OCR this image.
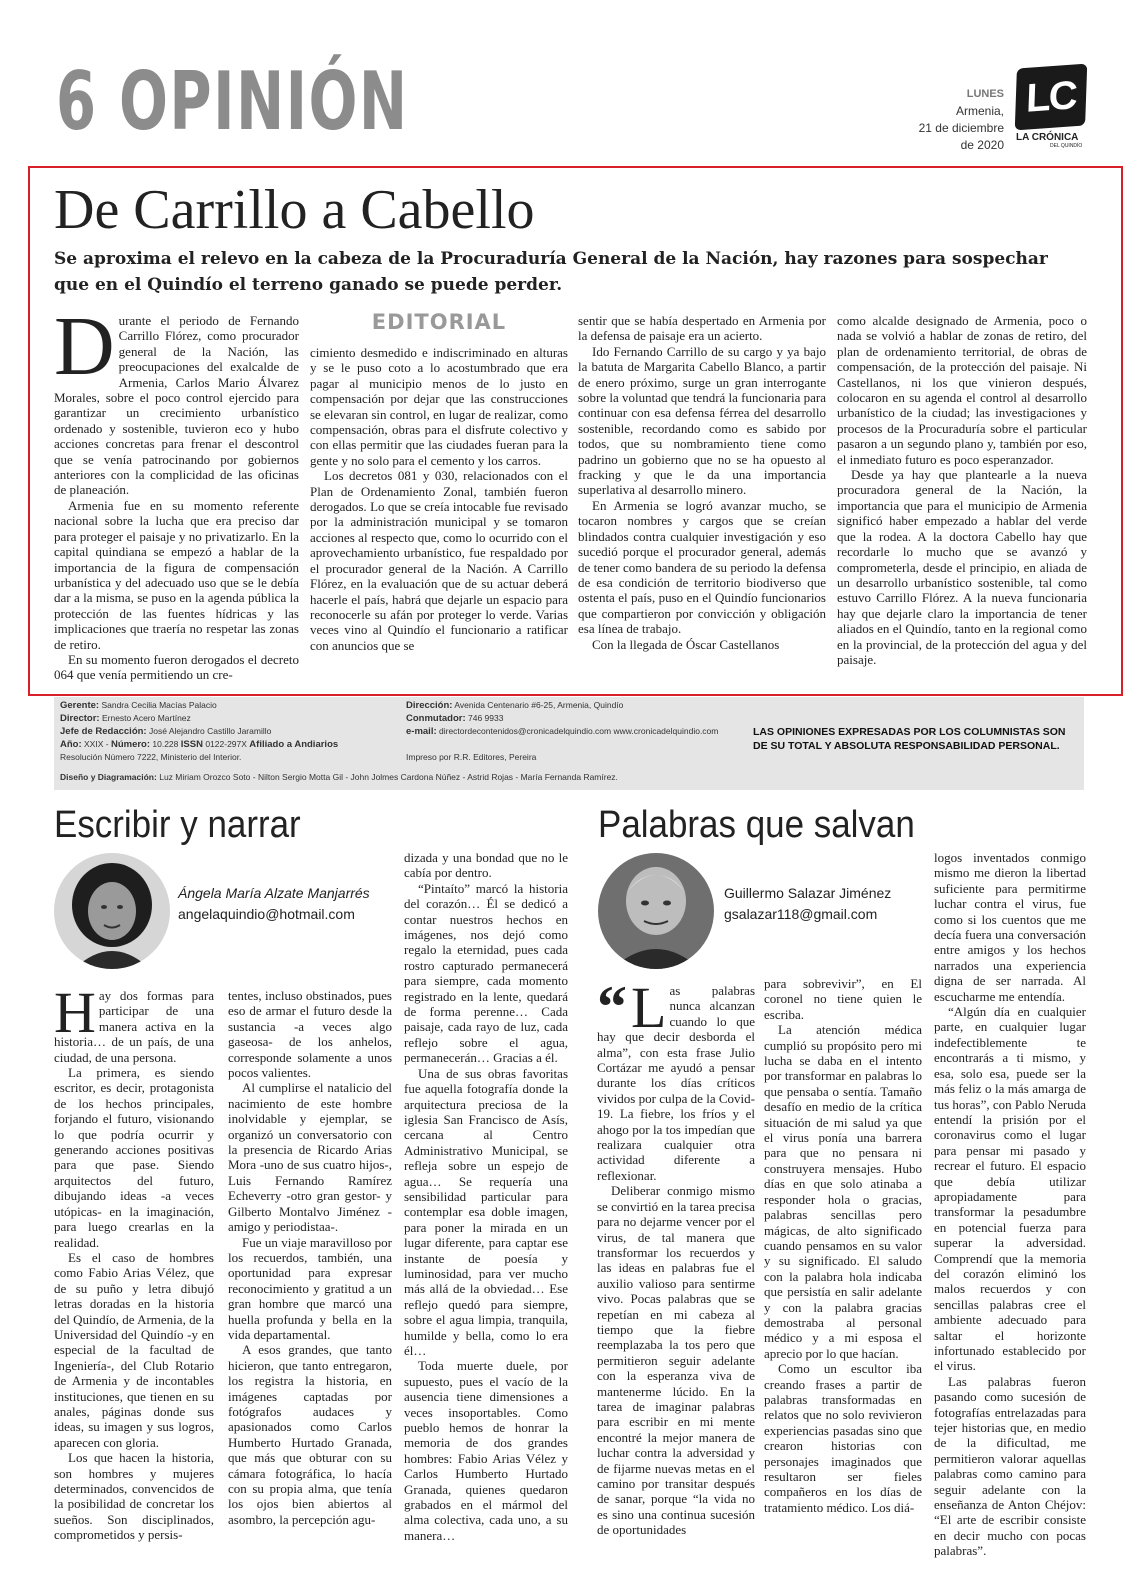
6 OPINIÓN	LUNES
Armenia,
21 de diciembre
de 2020
LC
LA CRÓNICA
DEL QUINDÍO
De Carrillo a Cabello
Se aproxima el relevo en la cabeza de la Procuraduría General de la Nación, hay razones para sospechar que en el Quindío el terreno ganado se puede perder.
EDITORIAL
D urante el periodo de Fernando Carrillo Flórez, como procurador general de la Nación, las preocupaciones del exalcalde de Armenia, Carlos Mario Álvarez Morales, sobre el poco control ejercido para garantizar un crecimiento urbanístico ordenado y sostenible, tuvieron eco y hubo acciones concretas para frenar el descontrol que se venía patrocinando por gobiernos anteriores con la complicidad de las oficinas de planeación.

Armenia fue en su momento referente nacional sobre la lucha que era preciso dar para proteger el paisaje y no privatizarlo. En la capital quindiana se empezó a hablar de la importancia de la figura de compensación urbanística y del adecuado uso que se le debía dar a la misma, se puso en la agenda pública la protección de las fuentes hídricas y las implicaciones que traería no respetar las zonas de retiro.

En su momento fueron derogados el decreto 064 que venía permitiendo un cre-

cimiento desmedido e indiscriminado en alturas y se le puso coto a lo acostumbrado que era pagar al municipio menos de lo justo en compensación por dejar que las construcciones se elevaran sin control, en lugar de realizar, como compensación, obras para el disfrute colectivo y con ellas permitir que las ciudades fueran para la gente y no solo para el cemento y los carros.

Los decretos 081 y 030, relacionados con el Plan de Ordenamiento Zonal, también fueron derogados. Lo que se creía intocable fue revisado por la administración municipal y se tomaron acciones al respecto que, como lo ocurrido con el aprovechamiento urbanístico, fue respaldado por el procurador general de la Nación. A Carrillo Flórez, en la evaluación que de su actuar deberá hacerle el país, habrá que dejarle un espacio para reconocerle su afán por proteger lo verde. Varias veces vino al Quindío el funcionario a ratificar con anuncios que se

sentir que se había despertado en Armenia por la defensa de paisaje era un acierto.

Ido Fernando Carrillo de su cargo y ya bajo la batuta de Margarita Cabello Blanco, a partir de enero próximo, surge un gran interrogante sobre la voluntad que tendrá la funcionaria para continuar con esa defensa férrea del desarrollo sostenible, recordando como es sabido por todos, que su nombramiento tiene como padrino un gobierno que no se ha opuesto al fracking y que le da una importancia superlativa al desarrollo minero.

En Armenia se logró avanzar mucho, se tocaron nombres y cargos que se creían blindados contra cualquier investigación y eso sucedió porque el procurador general, además de tener como bandera de su periodo la defensa de esa condición de territorio biodiverso que ostenta el país, puso en el Quindío funcionarios que compartieron por convicción y obligación esa línea de trabajo.

Con la llegada de Óscar Castellanos

como alcalde designado de Armenia, poco o nada se volvió a hablar de zonas de retiro, del plan de ordenamiento territorial, de obras de compensación, de la protección del paisaje. Ni Castellanos, ni los que vinieron después, colocaron en su agenda el control al desarrollo urbanístico de la ciudad; las investigaciones y procesos de la Procuraduría sobre el particular pasaron a un segundo plano y, también por eso, el inmediato futuro es poco esperanzador.

Desde ya hay que plantearle a la nueva procuradora general de la Nación, la importancia que para el municipio de Armenia significó haber empezado a hablar del verde que la rodea. A la doctora Cabello hay que recordarle lo mucho que se avanzó y comprometerla, desde el principio, en aliada de un desarrollo urbanístico sostenible, tal como estuvo Carrillo Flórez. A la nueva funcionaria hay que dejarle claro la importancia de tener aliados en el Quindío, tanto en la regional como en la provincial, de la protección del agua y del paisaje.

Gerente: Sandra Cecilia Macías Palacio
Director: Ernesto Acero Martínez
Jefe de Redacción: José Alejandro Castillo Jaramillo
Año: XXIX - Número: 10.228 ISSN 0122-297X Afiliado a Andiarios
Resolución Número 7222, Ministerio del Interior.
Dirección: Avenida Centenario #6-25, Armenia, Quindío
Conmutador: 746 9933
e-mail: directordecontenidos@cronicadelquindio.com www.cronicadelquindio.com
Impreso por R.R. Editores, Pereira
LAS OPINIONES EXPRESADAS POR LOS COLUMNISTAS SON DE SU TOTAL Y ABSOLUTA RESPONSABILIDAD PERSONAL.
Diseño y Diagramación: Luz Miriam Orozco Soto - Nilton Sergio Motta Gil - John Jolmes Cardona Núñez - Astrid Rojas - María Fernanda Ramírez.
Escribir y narrar
Ángela María Alzate Manjarrés
angelaquindio@hotmail.com
H ay dos formas para participar de una manera activa en la historia… de un país, de una ciudad, de una persona.

La primera, es siendo escritor, es decir, protagonista de los hechos principales, forjando el futuro, visionando lo que podría ocurrir y generando acciones positivas para que pase. Siendo arquitectos del futuro, dibujando ideas -a veces utópicas- en la imaginación, para luego crearlas en la realidad.

Es el caso de hombres como Fabio Arias Vélez, que de su puño y letra dibujó letras doradas en la historia del Quindío, de Armenia, de la Universidad del Quindío -y en especial de la facultad de Ingeniería-, del Club Rotario de Armenia y de incontables instituciones, que tienen en su anales, páginas donde sus ideas, su imagen y sus logros, aparecen con gloria.

Los que hacen la historia, son hombres y mujeres determinados, convencidos de la posibilidad de concretar los sueños. Son disciplinados, comprometidos y persis-

tentes, incluso obstinados, pues eso de armar el futuro desde la sustancia -a veces algo gaseosa- de los anhelos, corresponde solamente a unos pocos valientes.

Al cumplirse el natalicio del nacimiento de este hombre inolvidable y ejemplar, se organizó un conversatorio con la presencia de Ricardo Arias Mora -uno de sus cuatro hijos-, Luis Fernando Ramírez Echeverry -otro gran gestor- y Gilberto Montalvo Jiménez -amigo y periodistaa-.

Fue un viaje maravilloso por los recuerdos, también, una oportunidad para expresar reconocimiento y gratitud a un gran hombre que marcó una huella profunda y bella en la vida departamental.

A esos grandes, que tanto hicieron, que tanto entregaron, los registra la historia, en imágenes captadas por fotógrafos audaces y apasionados como Carlos Humberto Hurtado Granada, que más que obturar con su cámara fotográfica, lo hacía con su propia alma, que tenía los ojos bien abiertos al asombro, la percepción agu-

dizada y una bondad que no le cabía por dentro.

“Pintaíto” marcó la historia del corazón… Él se dedicó a contar nuestros hechos en imágenes, nos dejó como regalo la eternidad, pues cada rostro capturado permanecerá para siempre, cada momento registrado en la lente, quedará de forma perenne… Cada paisaje, cada rayo de luz, cada reflejo sobre el agua, permanecerán… Gracias a él.

Una de sus obras favoritas fue aquella fotografía donde la arquitectura preciosa de la iglesia San Francisco de Asís, cercana al Centro Administrativo Municipal, se refleja sobre un espejo de agua… Se requería una sensibilidad particular para contemplar esa doble imagen, para poner la mirada en un lugar diferente, para captar ese instante de poesía y luminosidad, para ver mucho más allá de la obviedad… Ese reflejo quedó para siempre, sobre el agua limpia, tranquila, humilde y bella, como lo era él…

Toda muerte duele, por supuesto, pues el vacío de la ausencia tiene dimensiones a veces insoportables. Como pueblo hemos de honrar la memoria de dos grandes hombres: Fabio Arias Vélez y Carlos Humberto Hurtado Granada, quienes quedaron grabados en el mármol del alma colectiva, cada uno, a su manera…

Palabras que salvan
Guillermo Salazar Jiménez
gsalazar118@gmail.com
“ L as palabras nunca alcanzan cuando lo que hay que decir desborda el alma”, con esta frase Julio Cortázar me ayudó a pensar durante los días críticos vividos por culpa de la Covid-19. La fiebre, los fríos y el ahogo por la tos impedían que realizara cualquier otra actividad diferente a reflexionar.

Deliberar conmigo mismo se convirtió en la tarea precisa para no dejarme vencer por el virus, de tal manera que transformar los recuerdos y las ideas en palabras fue el auxilio valioso para sentirme vivo. Pocas palabras que se repetían en mi cabeza al tiempo que la fiebre reemplazaba la tos pero que permitieron seguir adelante con la esperanza viva de mantenerme lúcido. En la tarea de imaginar palabras para escribir en mi mente encontré la mejor manera de luchar contra la adversidad y de fijarme nuevas metas en el camino por transitar después de sanar, porque “la vida no es sino una continua sucesión de oportunidades

para sobrevivir”, en El coronel no tiene quien le escriba.

La atención médica cumplió su propósito pero mi lucha se daba en el intento por transformar en palabras lo que pensaba o sentía. Tamaño desafío en medio de la crítica situación de mi salud ya que el virus ponía una barrera para que no pensara ni construyera mensajes. Hubo días en que solo atinaba a responder hola o gracias, palabras sencillas pero mágicas, de alto significado cuando pensamos en su valor y su significado. El saludo con la palabra hola indicaba que persistía en salir adelante y con la palabra gracias demostraba al personal médico y a mi esposa el aprecio por lo que hacían.

Como un escultor iba creando frases a partir de palabras transformadas en relatos que no solo revivieron experiencias pasadas sino que crearon historias con personajes imaginados que resultaron ser fieles compañeros en los días de tratamiento médico. Los diá-

logos inventados conmigo mismo me dieron la libertad suficiente para permitirme luchar contra el virus, fue como si los cuentos que me decía fuera una conversación entre amigos y los hechos narrados una experiencia digna de ser narrada. Al escucharme me entendía.

“Algún día en cualquier parte, en cualquier lugar indefectiblemente te encontrarás a ti mismo, y esa, solo esa, puede ser la más feliz o la más amarga de tus horas”, con Pablo Neruda entendí la prisión por el coronavirus como el lugar para pensar mi pasado y recrear el futuro. El espacio que debía utilizar apropiadamente para transformar la pesadumbre en potencial fuerza para superar la adversidad. Comprendí que la memoria del corazón eliminó los malos recuerdos y con sencillas palabras cree el ambiente adecuado para saltar el horizonte infortunado establecido por el virus.

Las palabras fueron pasando como sucesión de fotografías entrelazadas para tejer historias que, en medio de la dificultad, me permitieron valorar aquellas palabras como camino para seguir adelante con la enseñanza de Anton Chéjov: “El arte de escribir consiste en decir mucho con pocas palabras”.
